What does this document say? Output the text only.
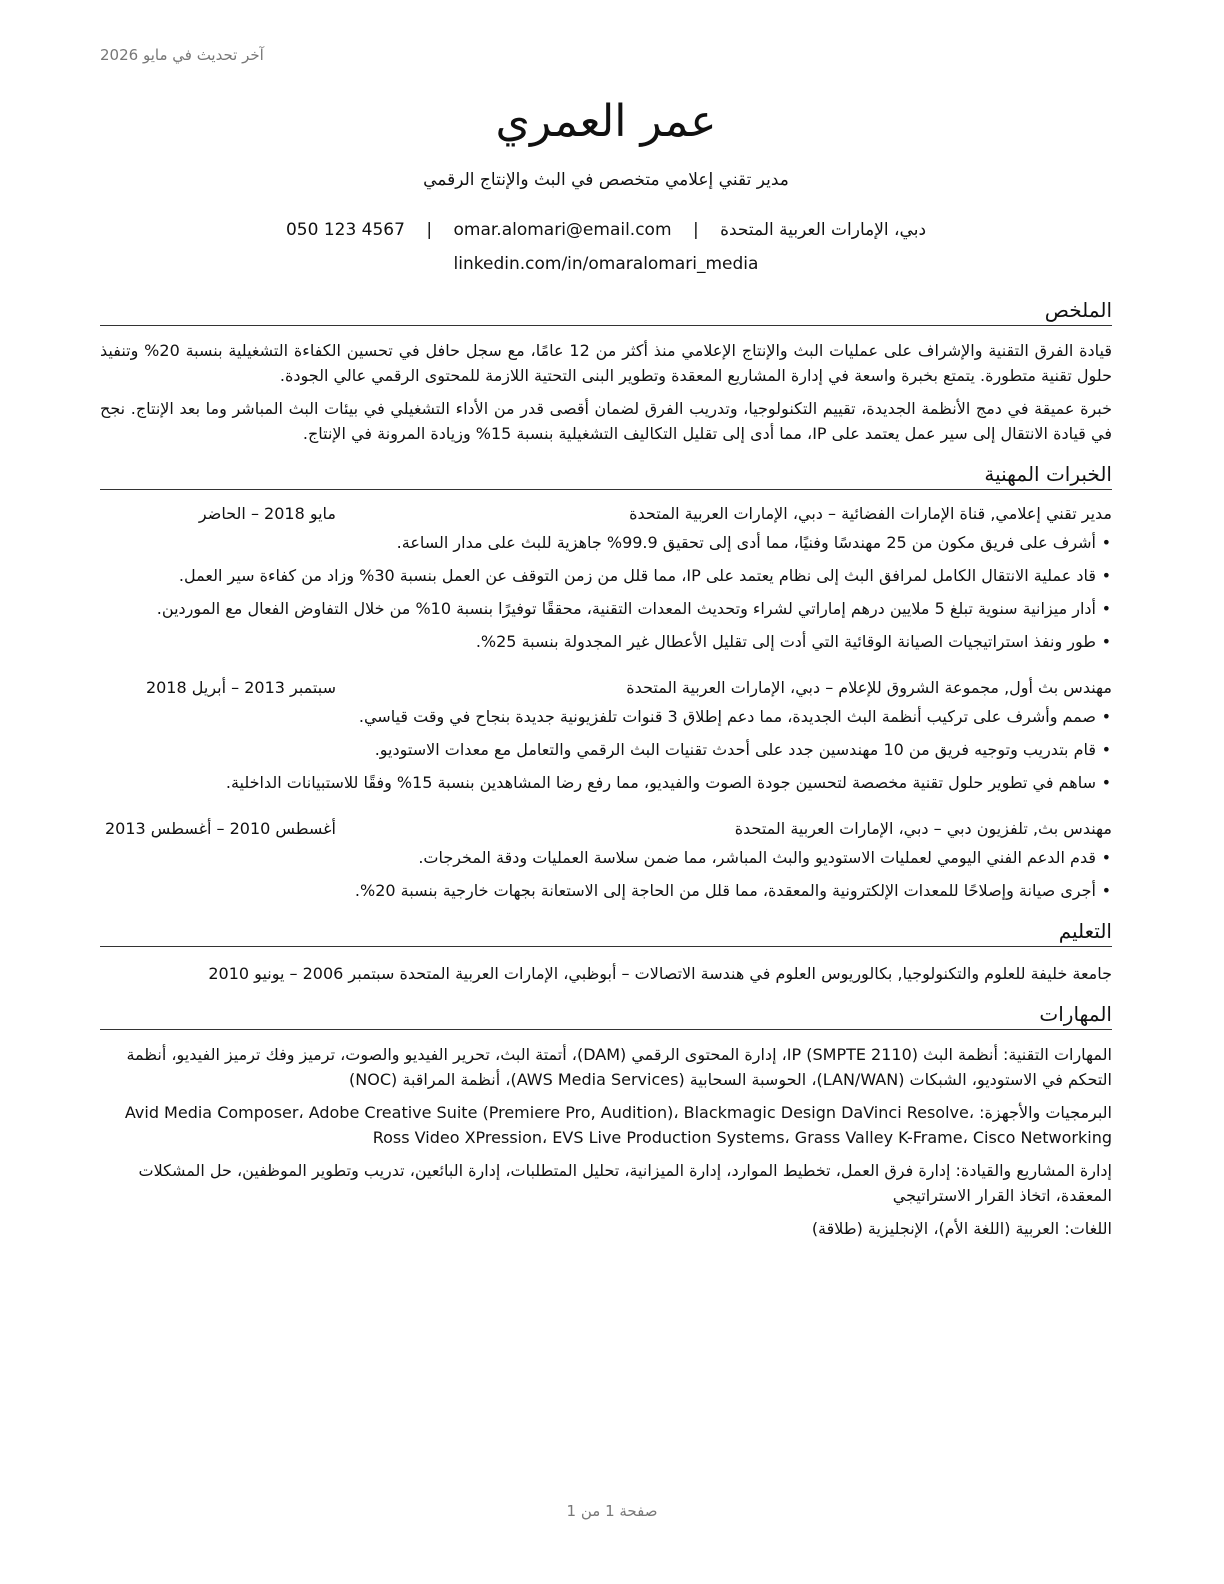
آخر تحديث في مايو 2026
عمر العمري
مدير تقني إعلامي متخصص في البث والإنتاج الرقمي
دبي، الإمارات العربية المتحدة | omar.alomari@email.com | 050 123 4567
linkedin.com/in/omaralomari_media
الملخص
قيادة الفرق التقنية والإشراف على عمليات البث والإنتاج الإعلامي منذ أكثر من 12 عامًا، مع سجل حافل في تحسين الكفاءة التشغيلية بنسبة 20% وتنفيذ حلول تقنية متطورة. يتمتع بخبرة واسعة في إدارة المشاريع المعقدة وتطوير البنى التحتية اللازمة للمحتوى الرقمي عالي الجودة.
خبرة عميقة في دمج الأنظمة الجديدة، تقييم التكنولوجيا، وتدريب الفرق لضمان أقصى قدر من الأداء التشغيلي في بيئات البث المباشر وما بعد الإنتاج. نجح في قيادة الانتقال إلى سير عمل يعتمد على IP، مما أدى إلى تقليل التكاليف التشغيلية بنسبة 15% وزيادة المرونة في الإنتاج.
الخبرات المهنية
مدير تقني إعلامي, قناة الإمارات الفضائية – دبي، الإمارات العربية المتحدة
مايو 2018 – الحاضر
• أشرف على فريق مكون من 25 مهندسًا وفنيًا، مما أدى إلى تحقيق 99.9% جاهزية للبث على مدار الساعة.
• قاد عملية الانتقال الكامل لمرافق البث إلى نظام يعتمد على IP، مما قلل من زمن التوقف عن العمل بنسبة 30% وزاد من كفاءة سير العمل.
• أدار ميزانية سنوية تبلغ 5 ملايين درهم إماراتي لشراء وتحديث المعدات التقنية، محققًا توفيرًا بنسبة 10% من خلال التفاوض الفعال مع الموردين.
• طور ونفذ استراتيجيات الصيانة الوقائية التي أدت إلى تقليل الأعطال غير المجدولة بنسبة 25%.
مهندس بث أول, مجموعة الشروق للإعلام – دبي، الإمارات العربية المتحدة
سبتمبر 2013 – أبريل 2018
• صمم وأشرف على تركيب أنظمة البث الجديدة، مما دعم إطلاق 3 قنوات تلفزيونية جديدة بنجاح في وقت قياسي.
• قام بتدريب وتوجيه فريق من 10 مهندسين جدد على أحدث تقنيات البث الرقمي والتعامل مع معدات الاستوديو.
• ساهم في تطوير حلول تقنية مخصصة لتحسين جودة الصوت والفيديو، مما رفع رضا المشاهدين بنسبة 15% وفقًا للاستبيانات الداخلية.
مهندس بث, تلفزيون دبي – دبي، الإمارات العربية المتحدة
أغسطس 2010 – أغسطس 2013
• قدم الدعم الفني اليومي لعمليات الاستوديو والبث المباشر، مما ضمن سلاسة العمليات ودقة المخرجات.
• أجرى صيانة وإصلاحًا للمعدات الإلكترونية والمعقدة، مما قلل من الحاجة إلى الاستعانة بجهات خارجية بنسبة 20%.
التعليم
جامعة خليفة للعلوم والتكنولوجيا, بكالوريوس العلوم في هندسة الاتصالات – أبوظبي، الإمارات العربية المتحدة سبتمبر 2006 – يونيو 2010
المهارات
المهارات التقنية: أنظمة البث IP (SMPTE 2110)، إدارة المحتوى الرقمي (DAM)، أتمتة البث، تحرير الفيديو والصوت، ترميز وفك ترميز الفيديو، أنظمة التحكم في الاستوديو، الشبكات (LAN/WAN)، الحوسبة السحابية (AWS Media Services)، أنظمة المراقبة (NOC)
البرمجيات والأجهزة: Avid Media Composer، Adobe Creative Suite (Premiere Pro, Audition)، Blackmagic Design DaVinci Resolve، Ross Video XPression، EVS Live Production Systems، Grass Valley K-Frame، Cisco Networking
إدارة المشاريع والقيادة: إدارة فرق العمل، تخطيط الموارد، إدارة الميزانية، تحليل المتطلبات، إدارة البائعين، تدريب وتطوير الموظفين، حل المشكلات المعقدة، اتخاذ القرار الاستراتيجي
اللغات: العربية (اللغة الأم)، الإنجليزية (طلاقة)
صفحة 1 من 1
